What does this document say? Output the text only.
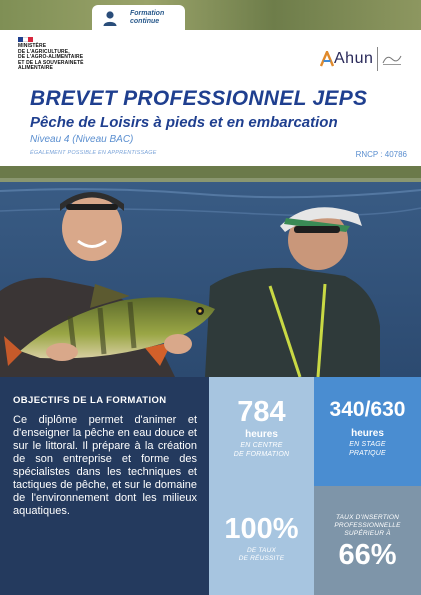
Formation
continue
MINISTÈRE
DE L'AGRICULTURE,
DE L'AGRO-ALIMENTAIRE
ET DE LA SOUVERAINETÉ
ALIMENTAIRE
Ahun
BREVET PROFESSIONNEL JEPS
Pêche de Loisirs à pieds et en embarcation
Niveau 4 (Niveau BAC)
ÉGALEMENT POSSIBLE EN APPRENTISSAGE	RNCP : 40786
OBJECTIFS DE LA FORMATION

Ce diplôme permet d'animer et d'enseigner la pêche en eau douce et sur le littoral. Il prépare à la création de son entreprise et forme des spécialistes dans les techniques et tactiques de pêche, et sur le domaine de l'environnement dont les milieux aquatiques.

784
heures
EN CENTRE
DE FORMATION
340/630
heures
EN STAGE
PRATIQUE
100%
DE TAUX
DE RÉUSSITE
TAUX D'INSERTION
PROFESSIONNELLE
SUPÉRIEUR À
66%
